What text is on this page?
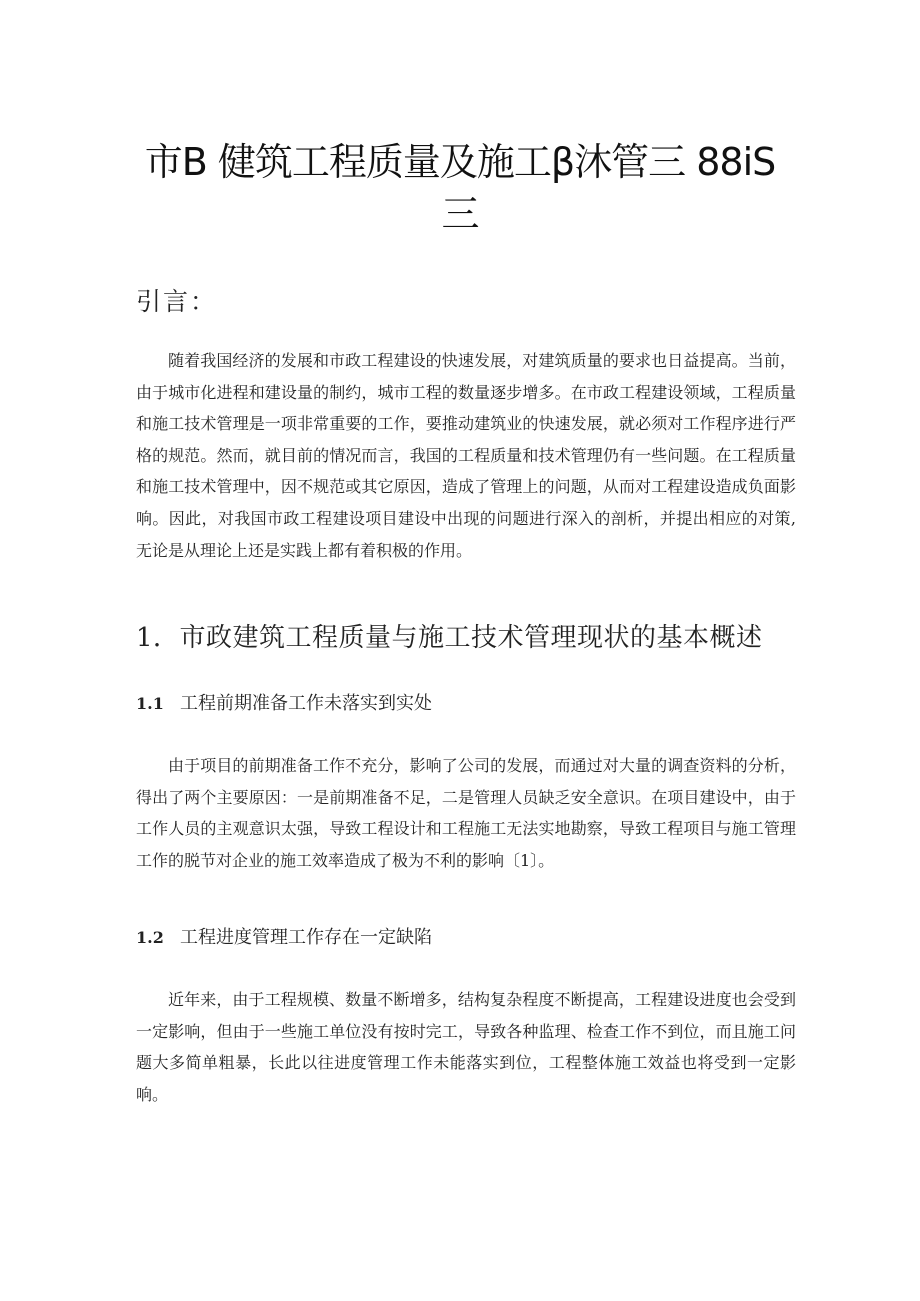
市B 健筑工程质量及施工β沐管三 88iS 三
引言：

随着我国经济的发展和市政工程建设的快速发展，对建筑质量的要求也日益提高。当前，由于城市化进程和建设量的制约，城市工程的数量逐步增多。在市政工程建设领域，工程质量和施工技术管理是一项非常重要的工作，要推动建筑业的快速发展，就必须对工作程序进行严格的规范。然而，就目前的情况而言，我国的工程质量和技术管理仍有一些问题。在工程质量和施工技术管理中，因不规范或其它原因，造成了管理上的问题，从而对工程建设造成负面影响。因此，对我国市政工程建设项目建设中出现的问题进行深入的剖析，并提出相应的对策,无论是从理论上还是实践上都有着积极的作用。

1．市政建筑工程质量与施工技术管理现状的基本概述
1.1 工程前期准备工作未落实到实处

由于项目的前期准备工作不充分，影响了公司的发展，而通过对大量的调查资料的分析，得出了两个主要原因：一是前期准备不足，二是管理人员缺乏安全意识。在项目建设中，由于工作人员的主观意识太强，导致工程设计和工程施工无法实地勘察，导致工程项目与施工管理工作的脱节对企业的施工效率造成了极为不利的影响〔1〕。

1.2 工程进度管理工作存在一定缺陷

近年来，由于工程规模、数量不断增多，结构复杂程度不断提高，工程建设进度也会受到一定影响，但由于一些施工单位没有按时完工，导致各种监理、检查工作不到位，而且施工问题大多简单粗暴，长此以往进度管理工作未能落实到位，工程整体施工效益也将受到一定影响。
